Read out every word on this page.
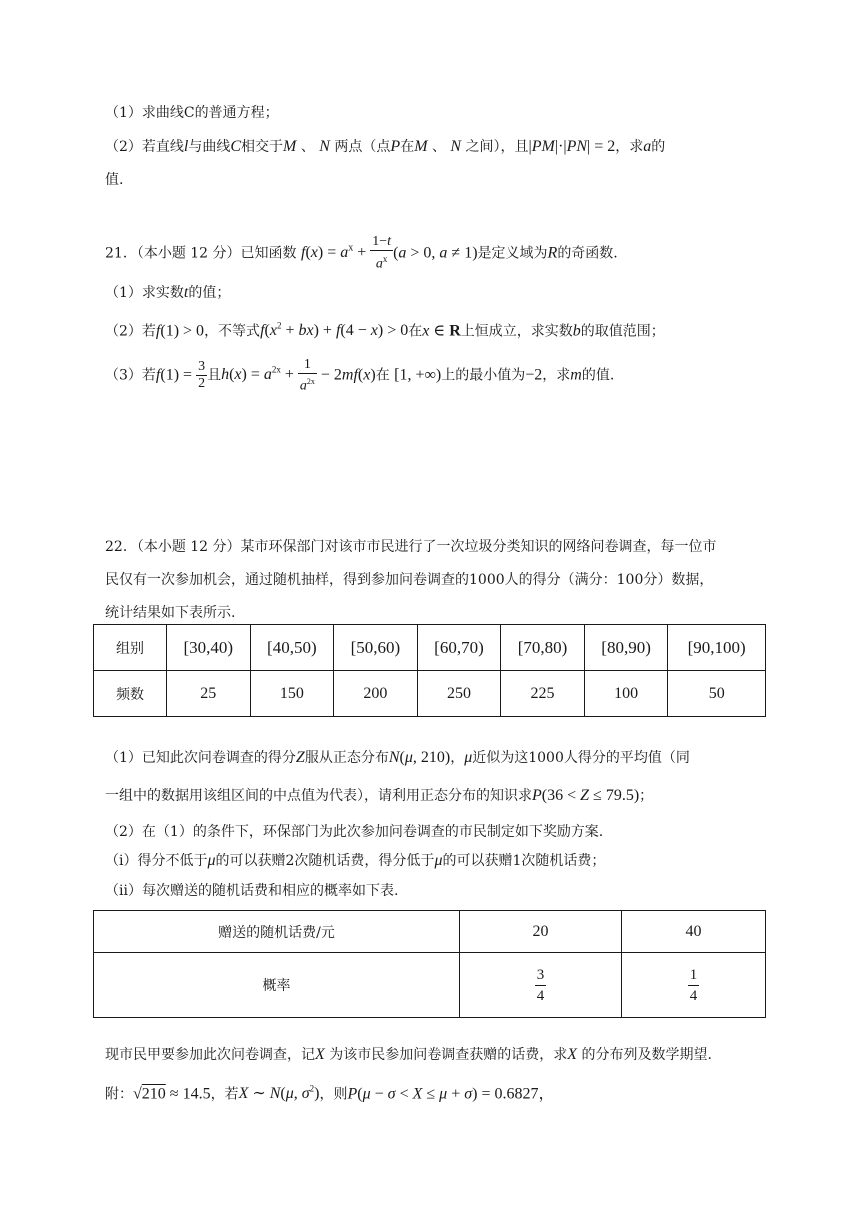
（1）求曲线C的普通方程；
（2）若直线l与曲线C相交于M 、 N 两点（点P在M 、 N 之间），且|PM|·|PN| = 2，求a的
值.
21．（本小题 12 分）已知函数 $f(x) = a^x + \frac{1-t}{a^x} (a > 0$, a ≠ 1)是定义域为R的奇函数.
（1）求实数t的值；
（2）若f(1) > 0，不等式$f(x^2 + bx) + f(4 - x) > 0$在x ∈ R上恒成立，求实数b的取值范围；
（3）若$f(1) = \frac{3}{2}$ 且$h(x) = a^{2x} + \frac{1}{a^{2x}} - 2mf(x)$在 [1, +∞)上的最小值为−2，求m的值.
22．（本小题 12 分）某市环保部门对该市市民进行了一次垃圾分类知识的网络问卷调查，每一位市
民仅有一次参加机会，通过随机抽样，得到参加问卷调查的1000人的得分（满分：100分）数据，
统计结果如下表所示.
组别	[30,40)	[40,50)	[50,60)	[60,70)	[70,80)	[80,90)	[90,100)
频数	25	150	200	250	225	100	50
（1）已知此次问卷调查的得分Z服从正态分布N(μ, 210)，μ近似为这1000人得分的平均值（同
一组中的数据用该组区间的中点值为代表），请利用正态分布的知识求P(36 < Z ≤ 79.5)；
（2）在（1）的条件下，环保部门为此次参加问卷调查的市民制定如下奖励方案.
（i）得分不低于μ的可以获赠2次随机话费，得分低于μ的可以获赠1次随机话费；
（ii）每次赠送的随机话费和相应的概率如下表.
赠送的随机话费/元	20	40
概率	$\frac{3}{4}$	$\frac{1}{4}$
现市民甲要参加此次问卷调查，记X 为该市民参加问卷调查获赠的话费，求X 的分布列及数学期望.
附：√210 ≈ 14.5，若X ∼ N(μ, $\sigma^2$)，则P(μ − σ < X ≤ μ + σ) = 0.6827，
